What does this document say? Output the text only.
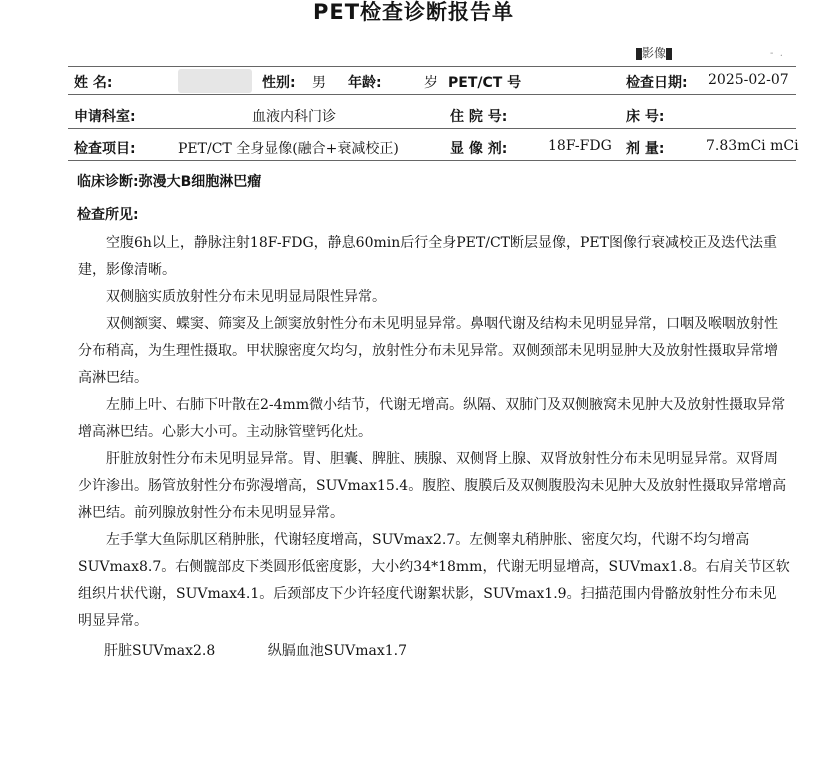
PET检查诊断报告单
影像	-  .
姓 名:	性别: 男 年龄:	岁 PET/CT 号	检查日期: 2025-02-07
申请科室:	血液内科门诊	住 院 号:	床 号:
检查项目:	PET/CT 全身显像(融合+衰减校正)	显 像 剂:	18F-FDG 剂 量:	7.83mCi mCi
临床诊断:弥漫大B细胞淋巴瘤
检查所见:

空腹6h以上，静脉注射18F-FDG，静息60min后行全身PET/CT断层显像，PET图像行衰减校正及迭代法重建，影像清晰。

双侧脑实质放射性分布未见明显局限性异常。

双侧额窦、蝶窦、筛窦及上颌窦放射性分布未见明显异常。鼻咽代谢及结构未见明显异常，口咽及喉咽放射性分布稍高，为生理性摄取。甲状腺密度欠均匀，放射性分布未见异常。双侧颈部未见明显肿大及放射性摄取异常增高淋巴结。

左肺上叶、右肺下叶散在2-4mm微小结节，代谢无增高。纵隔、双肺门及双侧腋窝未见肿大及放射性摄取异常增高淋巴结。心影大小可。主动脉管壁钙化灶。

肝脏放射性分布未见明显异常。胃、胆囊、脾脏、胰腺、双侧肾上腺、双肾放射性分布未见明显异常。双肾周少许渗出。肠管放射性分布弥漫增高，SUVmax15.4。腹腔、腹膜后及双侧腹股沟未见肿大及放射性摄取异常增高淋巴结。前列腺放射性分布未见明显异常。

左手掌大鱼际肌区稍肿胀，代谢轻度增高，SUVmax2.7。左侧睾丸稍肿胀、密度欠均，代谢不均匀增高SUVmax8.7。右侧髋部皮下类圆形低密度影，大小约34*18mm，代谢无明显增高，SUVmax1.8。右肩关节区软组织片状代谢，SUVmax4.1。后颈部皮下少许轻度代谢絮状影，SUVmax1.9。扫描范围内骨骼放射性分布未见明显异常。

肝脏SUVmax2.8	纵膈血池SUVmax1.7
